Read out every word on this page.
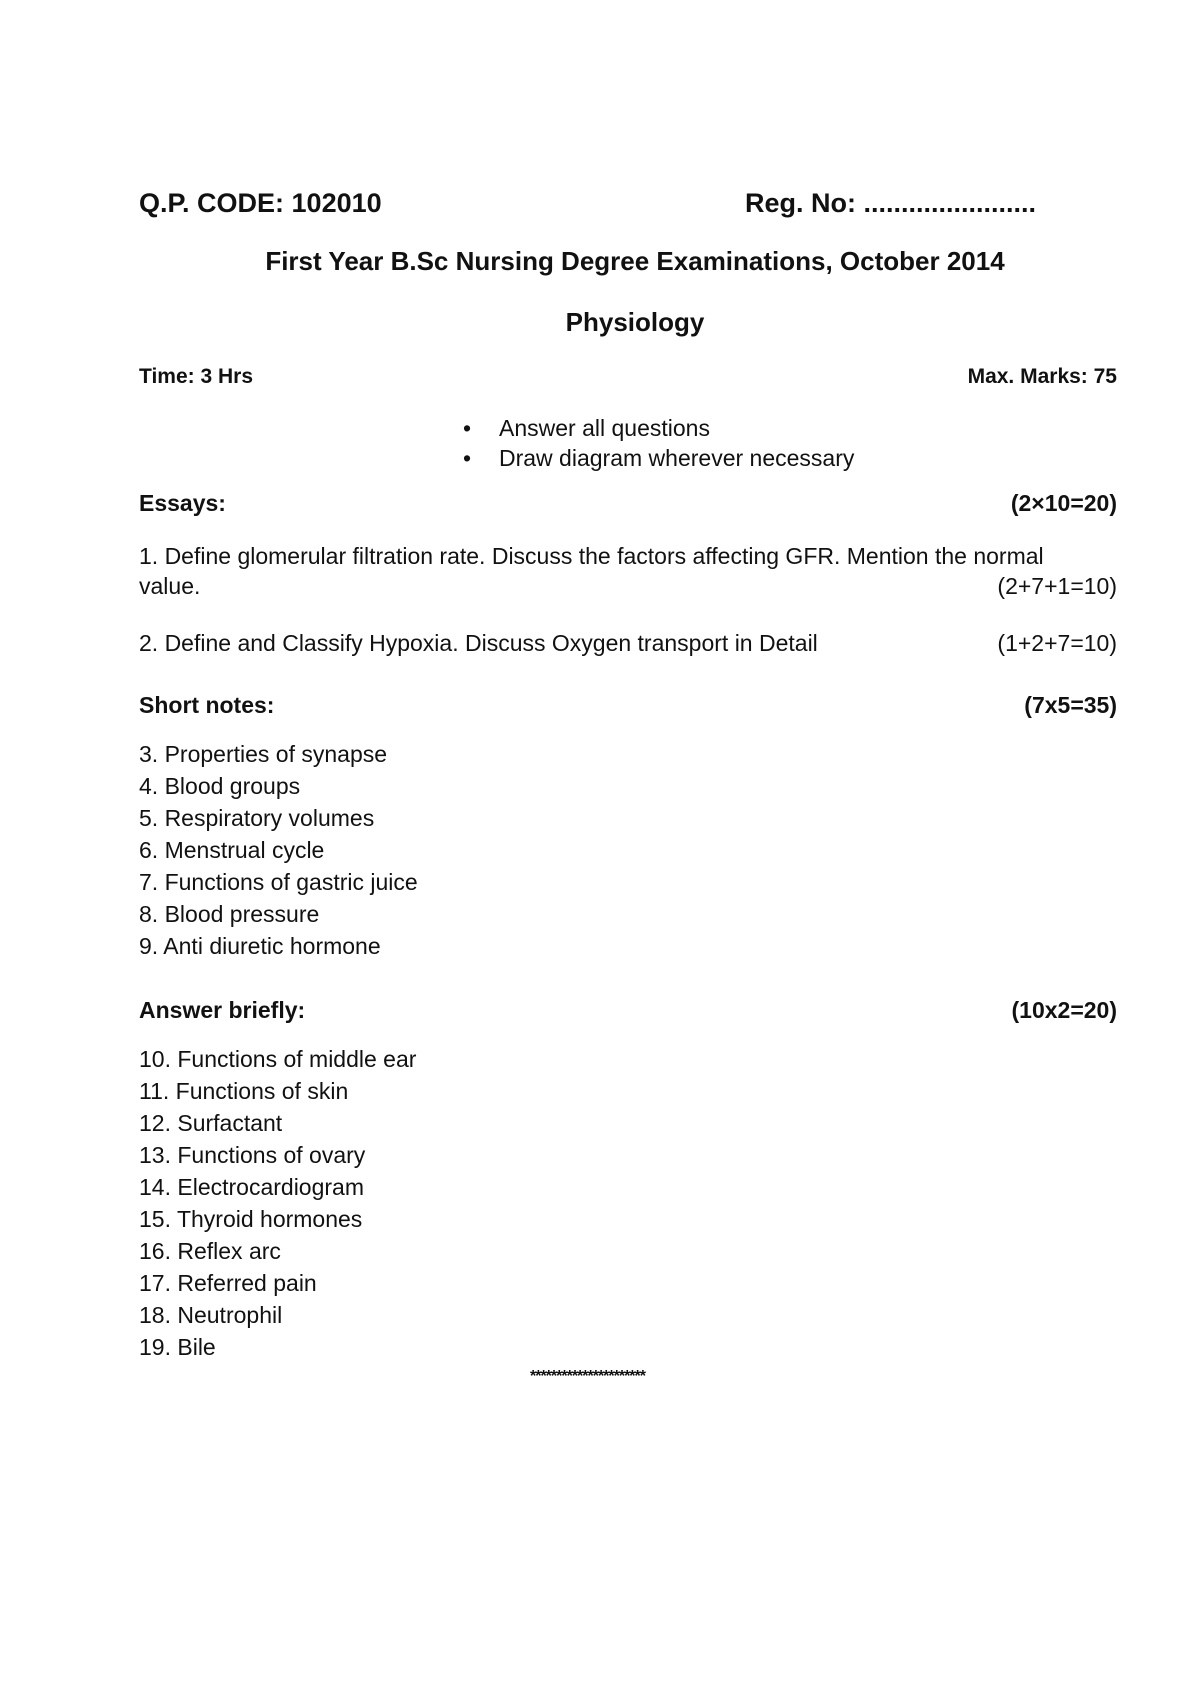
Q.P. CODE: 102010	Reg. No: .......................
First Year B.Sc Nursing Degree Examinations, October 2014
Physiology
Time: 3 Hrs	Max. Marks: 75
• Answer all questions
• Draw diagram wherever necessary
Essays:	(2×10=20)
1. Define glomerular filtration rate. Discuss the factors affecting GFR. Mention the normal
value.	(2+7+1=10)
2. Define and Classify Hypoxia. Discuss Oxygen transport in Detail	(1+2+7=10)
Short notes:	(7x5=35)
3. Properties of synapse
4. Blood groups
5. Respiratory volumes
6. Menstrual cycle
7. Functions of gastric juice
8. Blood pressure
9. Anti diuretic hormone
Answer briefly:	(10x2=20)
10. Functions of middle ear
11. Functions of skin
12. Surfactant
13. Functions of ovary
14. Electrocardiogram
15. Thyroid hormones
16. Reflex arc
17. Referred pain
18. Neutrophil
19. Bile
**********************
